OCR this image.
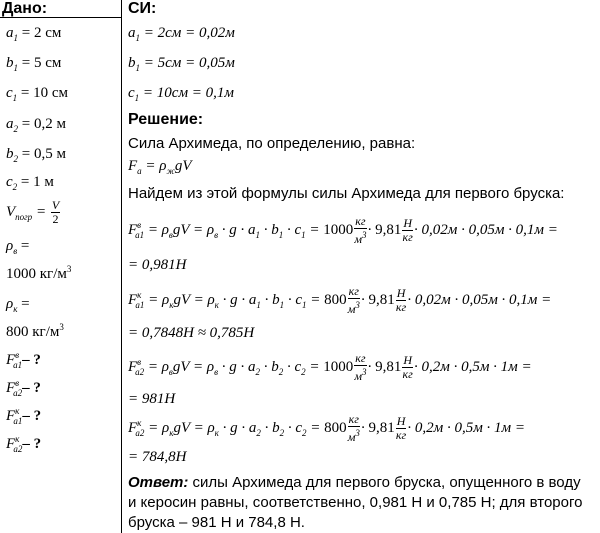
Дано:
$a_1 = 2$ см
$b_1 = 5$ см
$c_1 = 10$ см
$a_2 = 0,2$ м
$b_2 = 0,5$ м
$c_2 = 1$ м
$V_{погр} = \frac{V}{2}$
$\rho_в$ =
1000 $кг/м^3$
$\rho_к$ =
800 $кг/м^3$
$F^в_{a1}-$ ?
$F^в_{a2}-$ ?
$F^к_{a1}-$ ?
$F^к_{a2}-$ ?
СИ:
$a_1 = 2см = 0,02м$
$b_1 = 5см = 0,05м$
$c_1 = 10см = 0,1м$
Решение:
Сила Архимеда, по определению, равна:
$F_a = \rho_жgV$
Найдем из этой формулы силы Архимеда для первого бруска:
$F^в_{a1} = \rho_вgV = \rho_в \cdot g \cdot a_1 \cdot b_1 \cdot c_1 = 1000$
кг
$м^3 \cdot 9,81$ Н
кг · 0,02м · 0,05м · 0,1м =
= 0,981Н
$F^к_{a1} = \rho_кgV = \rho_к \cdot g \cdot a_1 \cdot b_1 \cdot c_1 = 800$
кг
$м^3 \cdot 9,81$ Н
кг · 0,02м · 0,05м · 0,1м =
= 0,7848Н ≈ 0,785Н
$F^в_{a2} = \rho_вgV = \rho_в \cdot g \cdot a_2 \cdot b_2 \cdot c_2 = 1000$
кг
$м^3 \cdot 9,81$ Н
кг · 0,2м · 0,5м · 1м =
= 981Н
$F^к_{a2} = \rho_кgV = \rho_к \cdot g \cdot a_2 \cdot b_2 \cdot c_2 = 800$
кг
$м^3 \cdot 9,81$ Н
кг · 0,2м · 0,5м · 1м =
= 784,8Н
Ответ: силы Архимеда для первого бруска, опущенного в воду и керосин равны, соответственно, 0,981 Н и 0,785 Н; для второго бруска – 981 Н и 784,8 Н.
